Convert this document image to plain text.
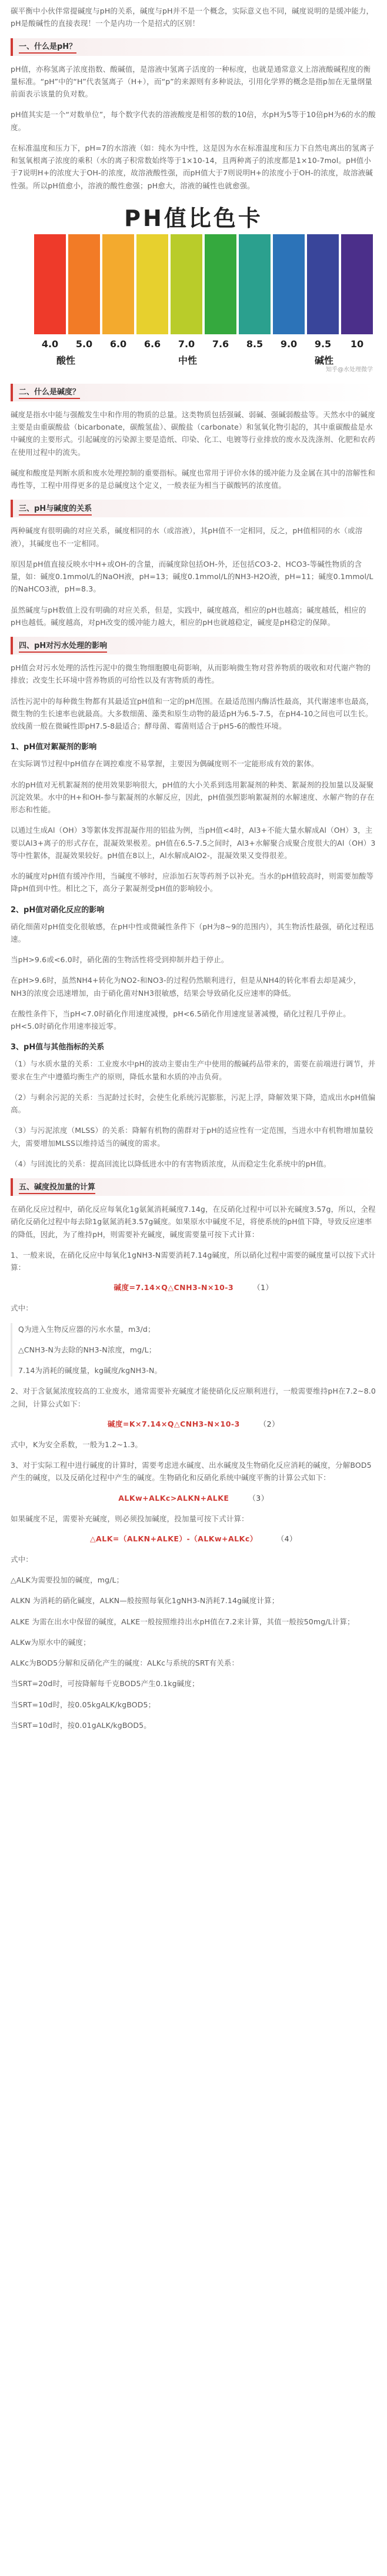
碳平衡中小伙伴常提碱度与pH的关系，碱度与pH并不是一个概念，实际意义也不同，碱度说明的是缓冲能力，pH是酸碱性的直接表现！一个是内功一个是招式的区别！

一、什么是pH？

pH值，亦称氢离子浓度指数、酸碱值，是溶液中氢离子活度的一种标度，也就是通常意义上溶液酸碱程度的衡量标准。“pH”中的“H”代表氢离子（H+），而“p”的来源则有多种说法，引用化学界的概念是指p加在无量纲量前面表示该量的负对数。

pH值其实是一个“对数单位”，每个数字代表的溶液酸度是相邻的数的10倍，水pH为5等于10倍pH为6的水的酸度。

在标准温度和压力下，pH=7的水溶液（如：纯水为中性，这是因为水在标准温度和压力下自然电离出的氢离子和氢氧根离子浓度的乘积（水的离子积常数始终等于1×10-14，且两种离子的浓度都是1×10-7mol。pH值小于7说明H+的浓度大于OH-的浓度，故溶液酸性强，而pH值大于7则说明H+的浓度小于OH-的浓度，故溶液碱性强。所以pH值愈小，溶液的酸性愈强；pH愈大，溶液的碱性也就愈强。

PH值比色卡
4.0 5.0 6.0 6.6 7.0 7.6 8.5 9.0 9.5 10
酸性	中性	碱性
知乎@水处理微学
二、什么是碱度？

碱度是指水中能与强酸发生中和作用的物质的总量。这类物质包括强碱、弱碱、强碱弱酸盐等。天然水中的碱度主要是由重碳酸盐（bicarbonate，碳酸氢盐）、碳酸盐（carbonate）和氢氧化物引起的，其中重碳酸盐是水中碱度的主要形式。引起碱度的污染源主要是造纸、印染、化工、电镀等行业排放的废水及洗涤剂、化肥和农药在使用过程中的流失。

碱度和酸度是判断水质和废水处理控制的重要指标。碱度也常用于评价水体的缓冲能力及金属在其中的溶解性和毒性等，工程中用得更多的是总碱度这个定义，一般表征为相当于碳酸钙的浓度值。

三、pH与碱度的关系

两种碱度有很明确的对应关系，碱度相同的水（或溶液），其pH值不一定相同，反之，pH值相同的水（或溶液），其碱度也不一定相同。

原因是pH值直接反映水中H+或OH-的含量，而碱度除包括OH-外，还包括CO3-2、HCO3-等碱性物质的含量，如：碱度0.1mmol/L的NaOH液，pH=13；碱度0.1mmol/L的NH3-H2O液，pH=11；碱度0.1mmol/L的NaHCO3液，pH=8.3。

虽然碱度与pH数值上没有明确的对应关系，但是，实践中，碱度越高，相应的pH也越高；碱度越低，相应的pH也越低。碱度越高，对pH改变的缓冲能力越大，相应的pH也就越稳定，碱度是pH稳定的保障。

四、pH对污水处理的影响

pH值会对污水处理的活性污泥中的微生物细胞膜电荷影响，从而影响微生物对营养物质的吸收和对代谢产物的排放；改变生长环境中营养物质的可给性以及有害物质的毒性。

活性污泥中的每种微生物都有其最适宜pH值和一定的pH范围。在最适范围内酶活性最高，其代谢速率也最高，微生物的生长速率也就最高。大多数细菌、藻类和原生动物的最适pH为6.5-7.5，在pH4-10之间也可以生长。放线菌一般在微碱性即pH7.5-8最适合；酵母菌、霉菌则适合于pH5-6的酸性环境。

1、pH值对絮凝剂的影响

在实际调节过程中pH值存在调控难度不易掌握，主要因为偶碱度则不一定能形成有效的絮体。

水的pH值对无机絮凝剂的使用效果影响很大，pH值的大小关系到选用絮凝剂的种类、絮凝剂的投加量以及凝聚沉淀效果。水中的H+和OH-参与絮凝剂的水解反应，因此，pH值强烈影响絮凝剂的水解速度、水解产物的存在形态和性能。

以通过生成Al（OH）3等絮体发挥混凝作用的铝盐为例，当pH值<4时，Al3+不能大量水解成Al（OH）3，主要以Al3+离子的形式存在，混凝效果极差。pH值在6.5-7.5之间时，Al3+水解聚合成聚合度很大的Al（OH）3等中性絮体，混凝效果较好。pH值在8以上，Al水解成AlO2-，混凝效果又变得很差。

水的碱度对pH值有缓冲作用，当碱度不够时，应添加石灰等药剂予以补充。当水的pH值较高时，则需要加酸等降pH值到中性。相比之下，高分子絮凝剂受pH值的影响较小。

2、pH值对硝化反应的影响

硝化细菌对pH值变化很敏感，在pH中性或微碱性条件下（pH为8~9的范围内），其生物活性最强，硝化过程迅速。

当pH>9.6或<6.0时，硝化菌的生物活性将受到抑制并趋于停止。

在pH>9.6时，虽然NH4+转化为NO2-和NO3-的过程仍然顺利进行，但是从NH4的转化率看去却是减少，NH3的浓度会迅速增加，由于硝化菌对NH3很敏感，结果会导致硝化反应速率的降低。

在酸性条件下，当pH<7.0时硝化作用速度减慢，pH<6.5硝化作用速度显著减慢，硝化过程几乎停止。pH<5.0时硝化作用速率接近零。

3、pH值与其他指标的关系

（1）与水质水量的关系：工业废水中pH的波动主要由生产中使用的酸碱药品带来的，需要在前端进行调节，并要求在生产中遵循均衡生产的原则，降低水量和水质的冲击负荷。

（2）与剩余污泥的关系：当泥龄过长时，会使生化系统污泥膨胀，污泥上浮，降解效果下降，造成出水pH值偏高。

（3）与污泥浓度（MLSS）的关系：降解有机物的菌群对于pH的适应性有一定范围，当进水中有机物增加量较大，需要增加MLSS以维持适当的碱度的需求。

（4）与回流比的关系：提高回流比以降低进水中的有害物质浓度，从而稳定生化系统中的pH值。

五、碱度投加量的计算

在硝化反应过程中，硝化反应每氧化1g氨氮消耗碱度7.14g，在反硝化过程中可以补充碱度3.57g，所以，全程硝化反硝化过程中每去除1g氨氮消耗3.57g碱度。如果原水中碱度不足，将使系统的pH值下降，导致反应速率的降低，因此，为了维持pH，则需要补充碱度，碱度需要量可按下式计算：

1、一般来说，在硝化反应中每氧化1gNH3-N需要消耗7.14g碱度，所以硝化过程中需要的碱度量可以按下式计算：

碱度=7.14×Q△CNH3-N×10-3	（1）

式中：

Q为进入生物反应器的污水水量，m3/d；

△CNH3-N为去除的NH3-N浓度，mg/L；

7.14为消耗的碱度量，kg碱度/kgNH3-N。

2、对于含氨氮浓度较高的工业废水，通常需要补充碱度才能使硝化反应顺利进行，一般需要维持pH在7.2~8.0之间，计算公式如下：

碱度=K×7.14×Q△CNH3-N×10-3	（2）

式中，K为安全系数，一般为1.2~1.3。

3、对于实际工程中进行碱度的计算时，需要考虑进水碱度、出水碱度及生物硝化反应消耗的碱度，分解BOD5产生的碱度，以及反硝化过程中产生的碱度。生物硝化和反硝化系统中碱度平衡的计算公式如下：

ALKw+ALKc>ALKN+ALKE	（3）

如果碱度不足，需要补充碱度，则必须投加碱度，投加量可按下式计算：

△ALK=（ALKN+ALKE）-（ALKw+ALKc）	（4）

式中：

△ALK为需要投加的碱度，mg/L；

ALKN 为消耗的硝化碱度，ALKN—般按照每氧化1gNH3-N消耗7.14g碱度计算；

ALKE 为需在出水中保留的碱度，ALKE一般按照维持出水pH值在7.2来计算，其值一般按50mg/L计算；

ALKw为原水中的碱度；

ALKc为BOD5分解和反硝化产生的碱度：ALKc与系统的SRT有关系：

当SRT=20d时，可按降解每千克BOD5产生0.1kg碱度；

当SRT=10d时，按0.05kgALK/kgBOD5；

当SRT=10d时，按0.01gALK/kgBOD5。
